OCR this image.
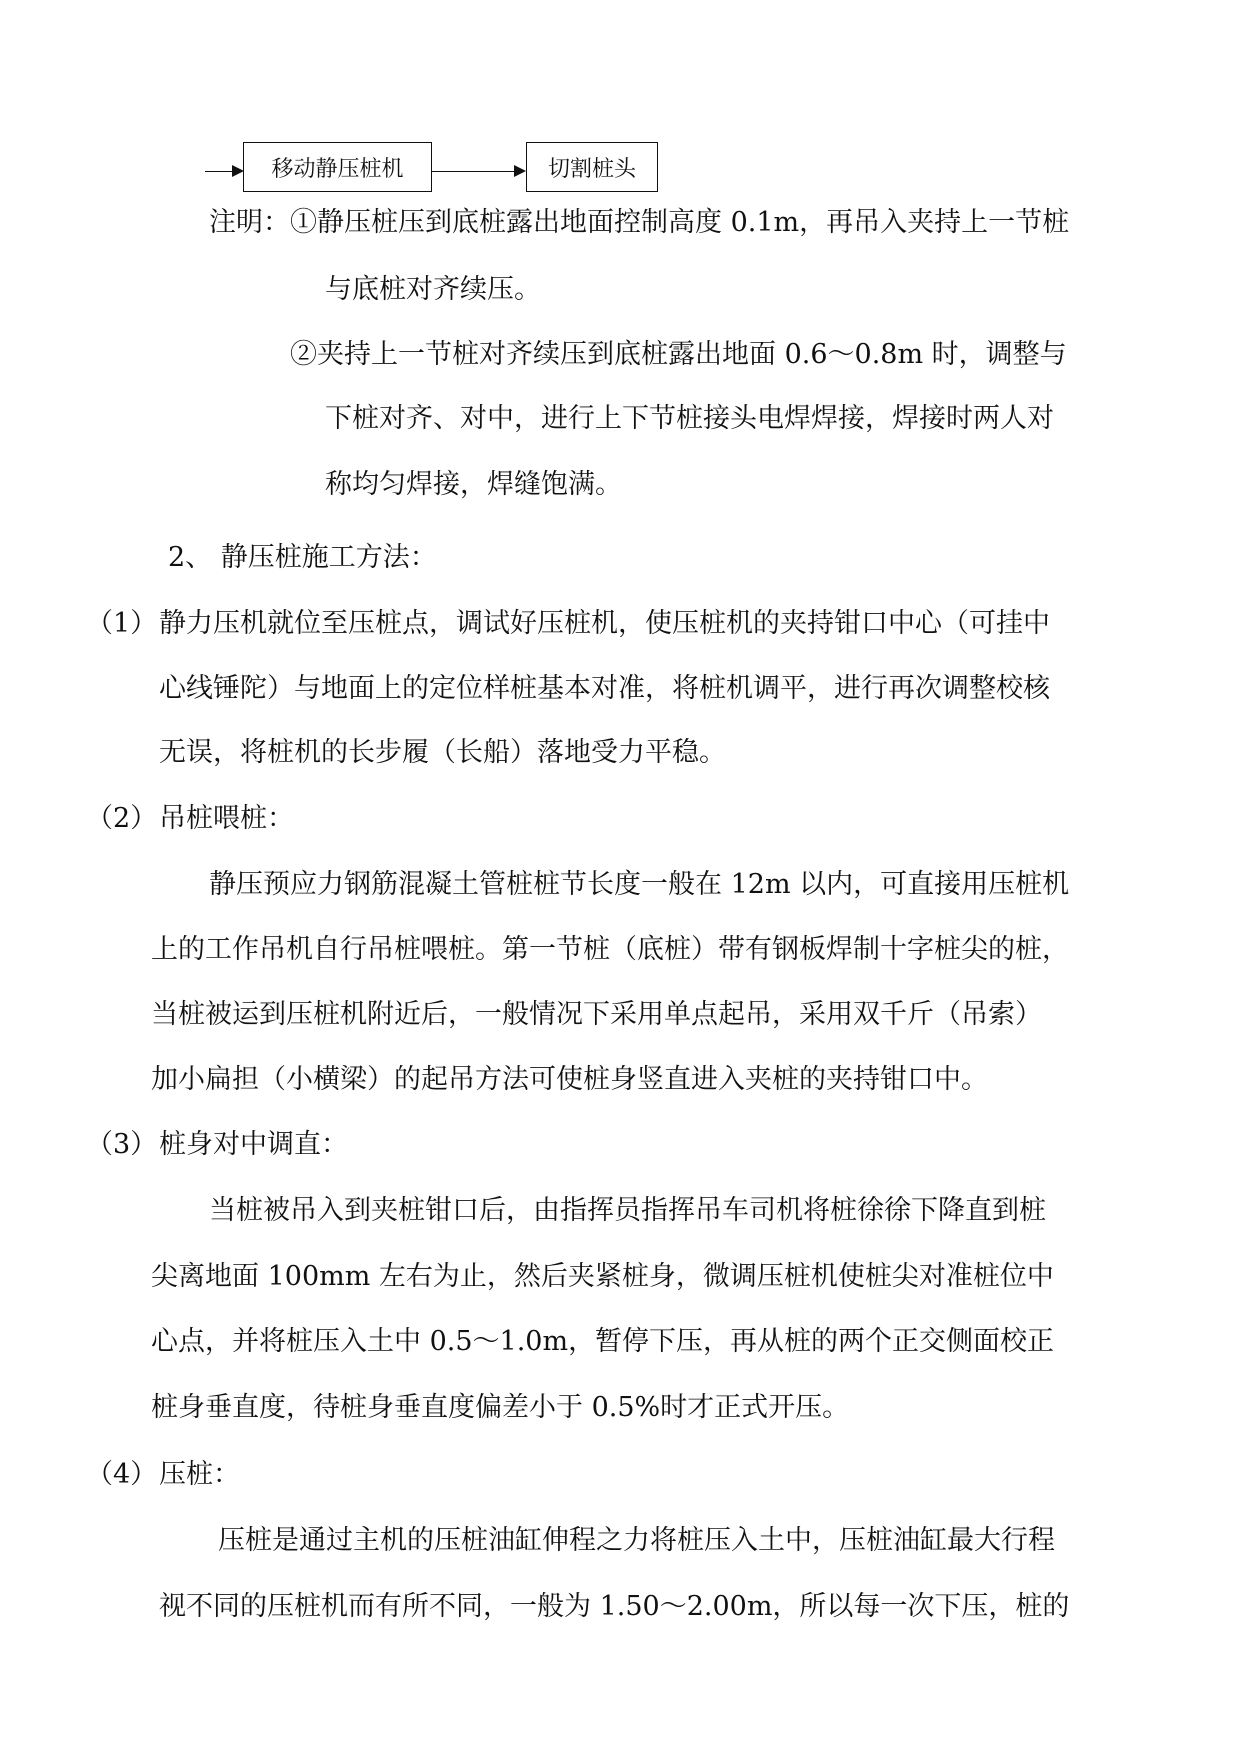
移动静压桩机	切割桩头
注明：①静压桩压到底桩露出地面控制高度 0.1m，再吊入夹持上一节桩
与底桩对齐续压。
②夹持上一节桩对齐续压到底桩露出地面 0.6～0.8m 时，调整与
下桩对齐、对中，进行上下节桩接头电焊焊接，焊接时两人对
称均匀焊接，焊缝饱满。
2、 静压桩施工方法：
（1） 静力压机就位至压桩点，调试好压桩机，使压桩机的夹持钳口中心（可挂中
心线锤陀）与地面上的定位样桩基本对准，将桩机调平，进行再次调整校核
无误，将桩机的长步履（长船）落地受力平稳。
（2） 吊桩喂桩：
静压预应力钢筋混凝土管桩桩节长度一般在 12m 以内，可直接用压桩机
上的工作吊机自行吊桩喂桩。第一节桩（底桩）带有钢板焊制十字桩尖的桩，
当桩被运到压桩机附近后，一般情况下采用单点起吊，采用双千斤（吊索）
加小扁担（小横梁）的起吊方法可使桩身竖直进入夹桩的夹持钳口中。
（3） 桩身对中调直：
当桩被吊入到夹桩钳口后，由指挥员指挥吊车司机将桩徐徐下降直到桩
尖离地面 100mm 左右为止，然后夹紧桩身，微调压桩机使桩尖对准桩位中
心点，并将桩压入土中 0.5～1.0m，暂停下压，再从桩的两个正交侧面校正
桩身垂直度，待桩身垂直度偏差小于 0.5%时才正式开压。
（4） 压桩：
压桩是通过主机的压桩油缸伸程之力将桩压入土中，压桩油缸最大行程
视不同的压桩机而有所不同，一般为 1.50～2.00m，所以每一次下压，桩的
